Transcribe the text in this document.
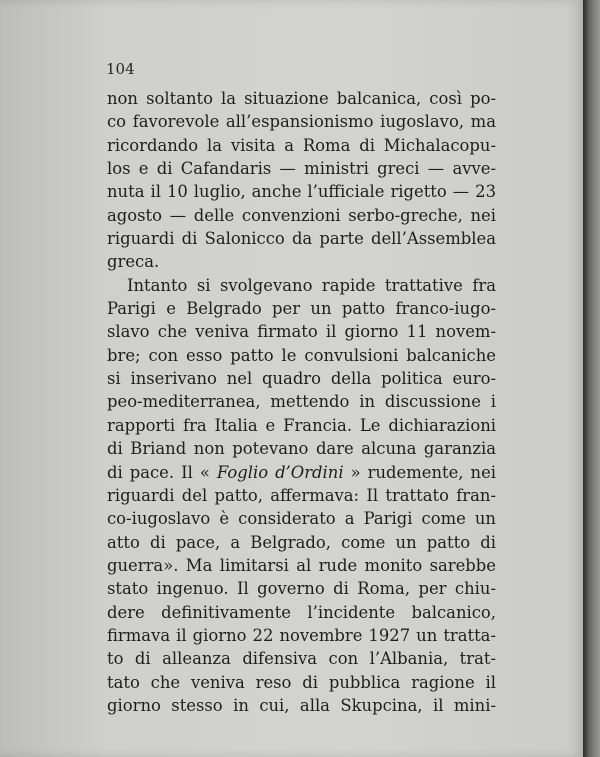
104
non soltanto la situazione balcanica, così po-
co favorevole all’espansionismo iugoslavo, ma
ricordando la visita a Roma di Michalacopu-
los e di Cafandaris — ministri greci — avve-
nuta il 10 luglio, anche l’ufficiale rigetto — 23
agosto — delle convenzioni serbo-greche, nei
riguardi di Salonicco da parte dell’Assemblea
greca.
Intanto si svolgevano rapide trattative fra
Parigi e Belgrado per un patto franco-iugo-
slavo che veniva firmato il giorno 11 novem-
bre; con esso patto le convulsioni balcaniche
si inserivano nel quadro della politica euro-
peo-mediterranea, mettendo in discussione i
rapporti fra Italia e Francia. Le dichiarazioni
di Briand non potevano dare alcuna garanzia
di pace. Il « Foglio d’Ordini » rudemente, nei
riguardi del patto, affermava: Il trattato fran-
co-iugoslavo è considerato a Parigi come un
atto di pace, a Belgrado, come un patto di
guerra». Ma limitarsi al rude monito sarebbe
stato ingenuo. Il governo di Roma, per chiu-
dere definitivamente l’incidente balcanico,
firmava il giorno 22 novembre 1927 un tratta-
to di alleanza difensiva con l’Albania, trat-
tato che veniva reso di pubblica ragione il
giorno stesso in cui, alla Skupcina, il mini-
